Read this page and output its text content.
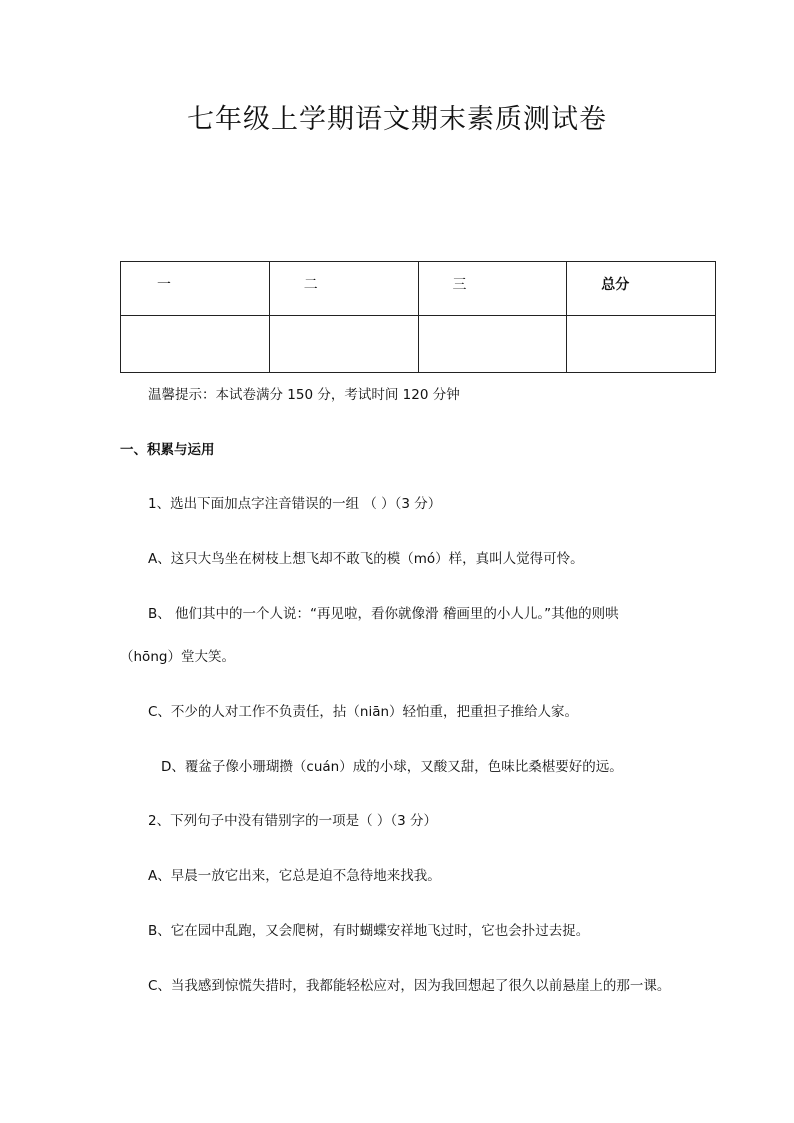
七年级上学期语文期末素质测试卷
一	二	三	总分

温馨提示：本试卷满分 150 分，考试时间 120 分钟
一、积累与运用
1、选出下面加点字注音错误的一组 （ ）（3 分）
A、这只大鸟坐在树枝上想飞却不敢飞的模（mó）样，真叫人觉得可怜。
B、 他们其中的一个人说：“再见啦，看你就像滑 稽画里的小人儿。”其他的则哄
（hōng）堂大笑。
C、不少的人对工作不负责任，拈（niān）轻怕重，把重担子推给人家。
D、覆盆子像小珊瑚攒（cuán）成的小球，又酸又甜，色味比桑椹要好的远。
2、下列句子中没有错别字的一项是（ ）（3 分）
A、早晨一放它出来，它总是迫不急待地来找我。
B、它在园中乱跑，又会爬树，有时蝴蝶安祥地飞过时，它也会扑过去捉。
C、当我感到惊慌失措时，我都能轻松应对，因为我回想起了很久以前悬崖上的那一课。
